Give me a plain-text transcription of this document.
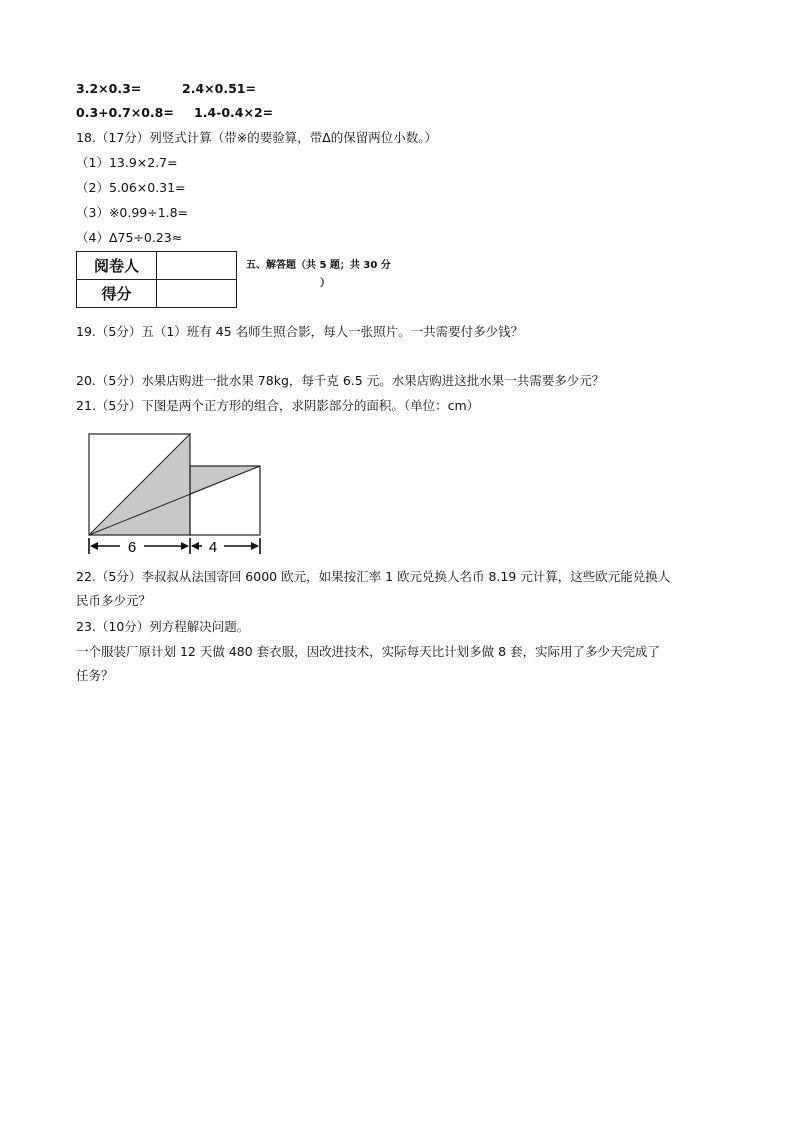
3.2×0.3=	2.4×0.51=
0.3+0.7×0.8= 1.4-0.4×2=
18.（17分）列竖式计算（带※的要验算，带Δ的保留两位小数。）
（1）13.9×2.7=
（2）5.06×0.31=
（3）※0.99÷1.8=
（4）Δ75÷0.23≈
阅卷人	
得分	
五、解答题（共 5 题；共 30 分
）
19.（5分）五（1）班有 45 名师生照合影，每人一张照片。一共需要付多少钱？
20.（5分）水果店购进一批水果 78kg，每千克 6.5 元。水果店购进这批水果一共需要多少元？
21.（5分）下图是两个正方形的组合，求阴影部分的面积。（单位：cm）
6	4
22.（5分）李叔叔从法国寄回 6000 欧元，如果按汇率 1 欧元兑换人名币 8.19 元计算，这些欧元能兑换人
民币多少元？
23.（10分）列方程解决问题。
一个服装厂原计划 12 天做 480 套衣服，因改进技术，实际每天比计划多做 8 套，实际用了多少天完成了
任务？
